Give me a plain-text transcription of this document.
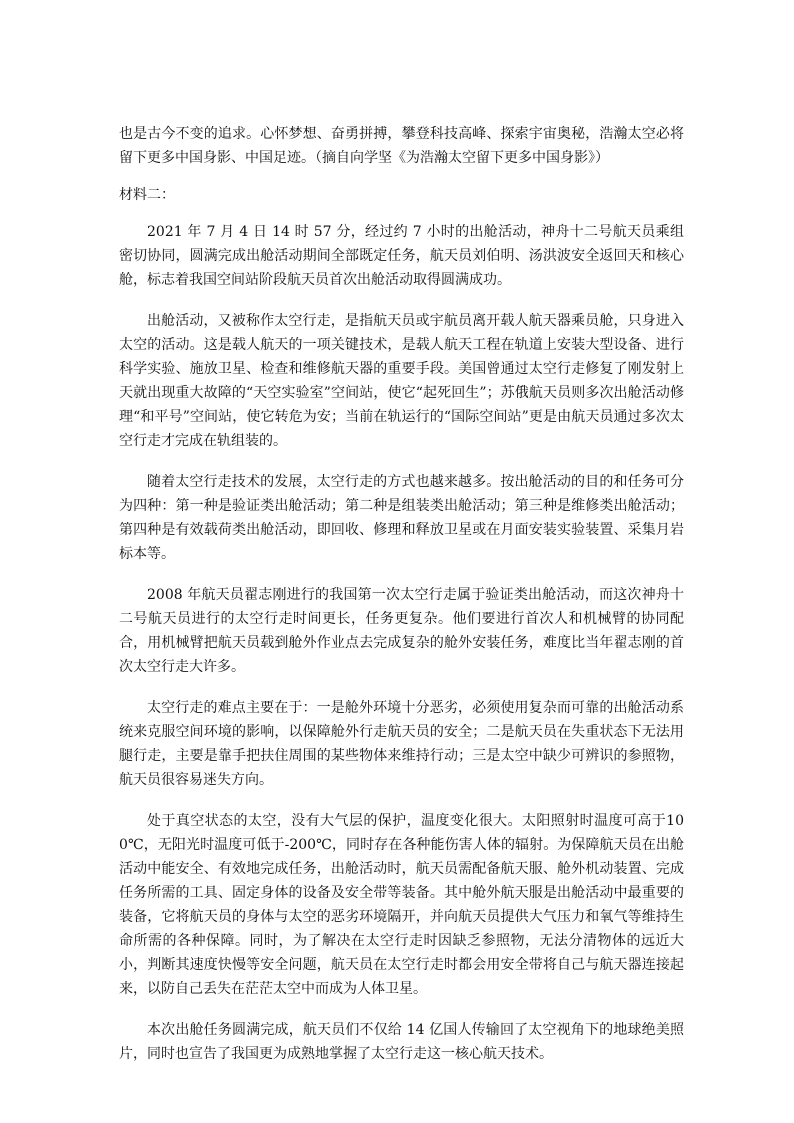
也是古今不变的追求。心怀梦想、奋勇拼搏，攀登科技高峰、探索宇宙奥秘，浩瀚太空必将留下更多中国身影、中国足迹。（摘自向学坚《为浩瀚太空留下更多中国身影》）

材料二：

2021 年 7 月 4 日 14 时 57 分，经过约 7 小时的出舱活动，神舟十二号航天员乘组密切协同，圆满完成出舱活动期间全部既定任务，航天员刘伯明、汤洪波安全返回天和核心舱，标志着我国空间站阶段航天员首次出舱活动取得圆满成功。

出舱活动，又被称作太空行走，是指航天员或宇航员离开载人航天器乘员舱，只身进入太空的活动。这是载人航天的一项关键技术，是载人航天工程在轨道上安装大型设备、进行科学实验、施放卫星、检查和维修航天器的重要手段。美国曾通过太空行走修复了刚发射上天就出现重大故障的“天空实验室”空间站，使它“起死回生”；苏俄航天员则多次出舱活动修理“和平号”空间站，使它转危为安；当前在轨运行的“国际空间站”更是由航天员通过多次太空行走才完成在轨组装的。

随着太空行走技术的发展，太空行走的方式也越来越多。按出舱活动的目的和任务可分为四种：第一种是验证类出舱活动；第二种是组装类出舱活动；第三种是维修类出舱活动；第四种是有效载荷类出舱活动，即回收、修理和释放卫星或在月面安装实验装置、采集月岩标本等。

2008 年航天员翟志刚进行的我国第一次太空行走属于验证类出舱活动，而这次神舟十二号航天员进行的太空行走时间更长，任务更复杂。他们要进行首次人和机械臂的协同配合，用机械臂把航天员载到舱外作业点去完成复杂的舱外安装任务，难度比当年翟志刚的首次太空行走大许多。

太空行走的难点主要在于：一是舱外环境十分恶劣，必须使用复杂而可靠的出舱活动系统来克服空间环境的影响，以保障舱外行走航天员的安全；二是航天员在失重状态下无法用腿行走，主要是靠手把扶住周围的某些物体来维持行动；三是太空中缺少可辨识的参照物，航天员很容易迷失方向。

处于真空状态的太空，没有大气层的保护，温度变化很大。太阳照射时温度可高于100℃，无阳光时温度可低于-200℃，同时存在各种能伤害人体的辐射。为保障航天员在出舱活动中能安全、有效地完成任务，出舱活动时，航天员需配备航天服、舱外机动装置、完成任务所需的工具、固定身体的设备及安全带等装备。其中舱外航天服是出舱活动中最重要的装备，它将航天员的身体与太空的恶劣环境隔开，并向航天员提供大气压力和氧气等维持生命所需的各种保障。同时，为了解决在太空行走时因缺乏参照物，无法分清物体的远近大小，判断其速度快慢等安全问题，航天员在太空行走时都会用安全带将自己与航天器连接起来，以防自己丢失在茫茫太空中而成为人体卫星。

本次出舱任务圆满完成，航天员们不仅给 14 亿国人传输回了太空视角下的地球绝美照片，同时也宣告了我国更为成熟地掌握了太空行走这一核心航天技术。
